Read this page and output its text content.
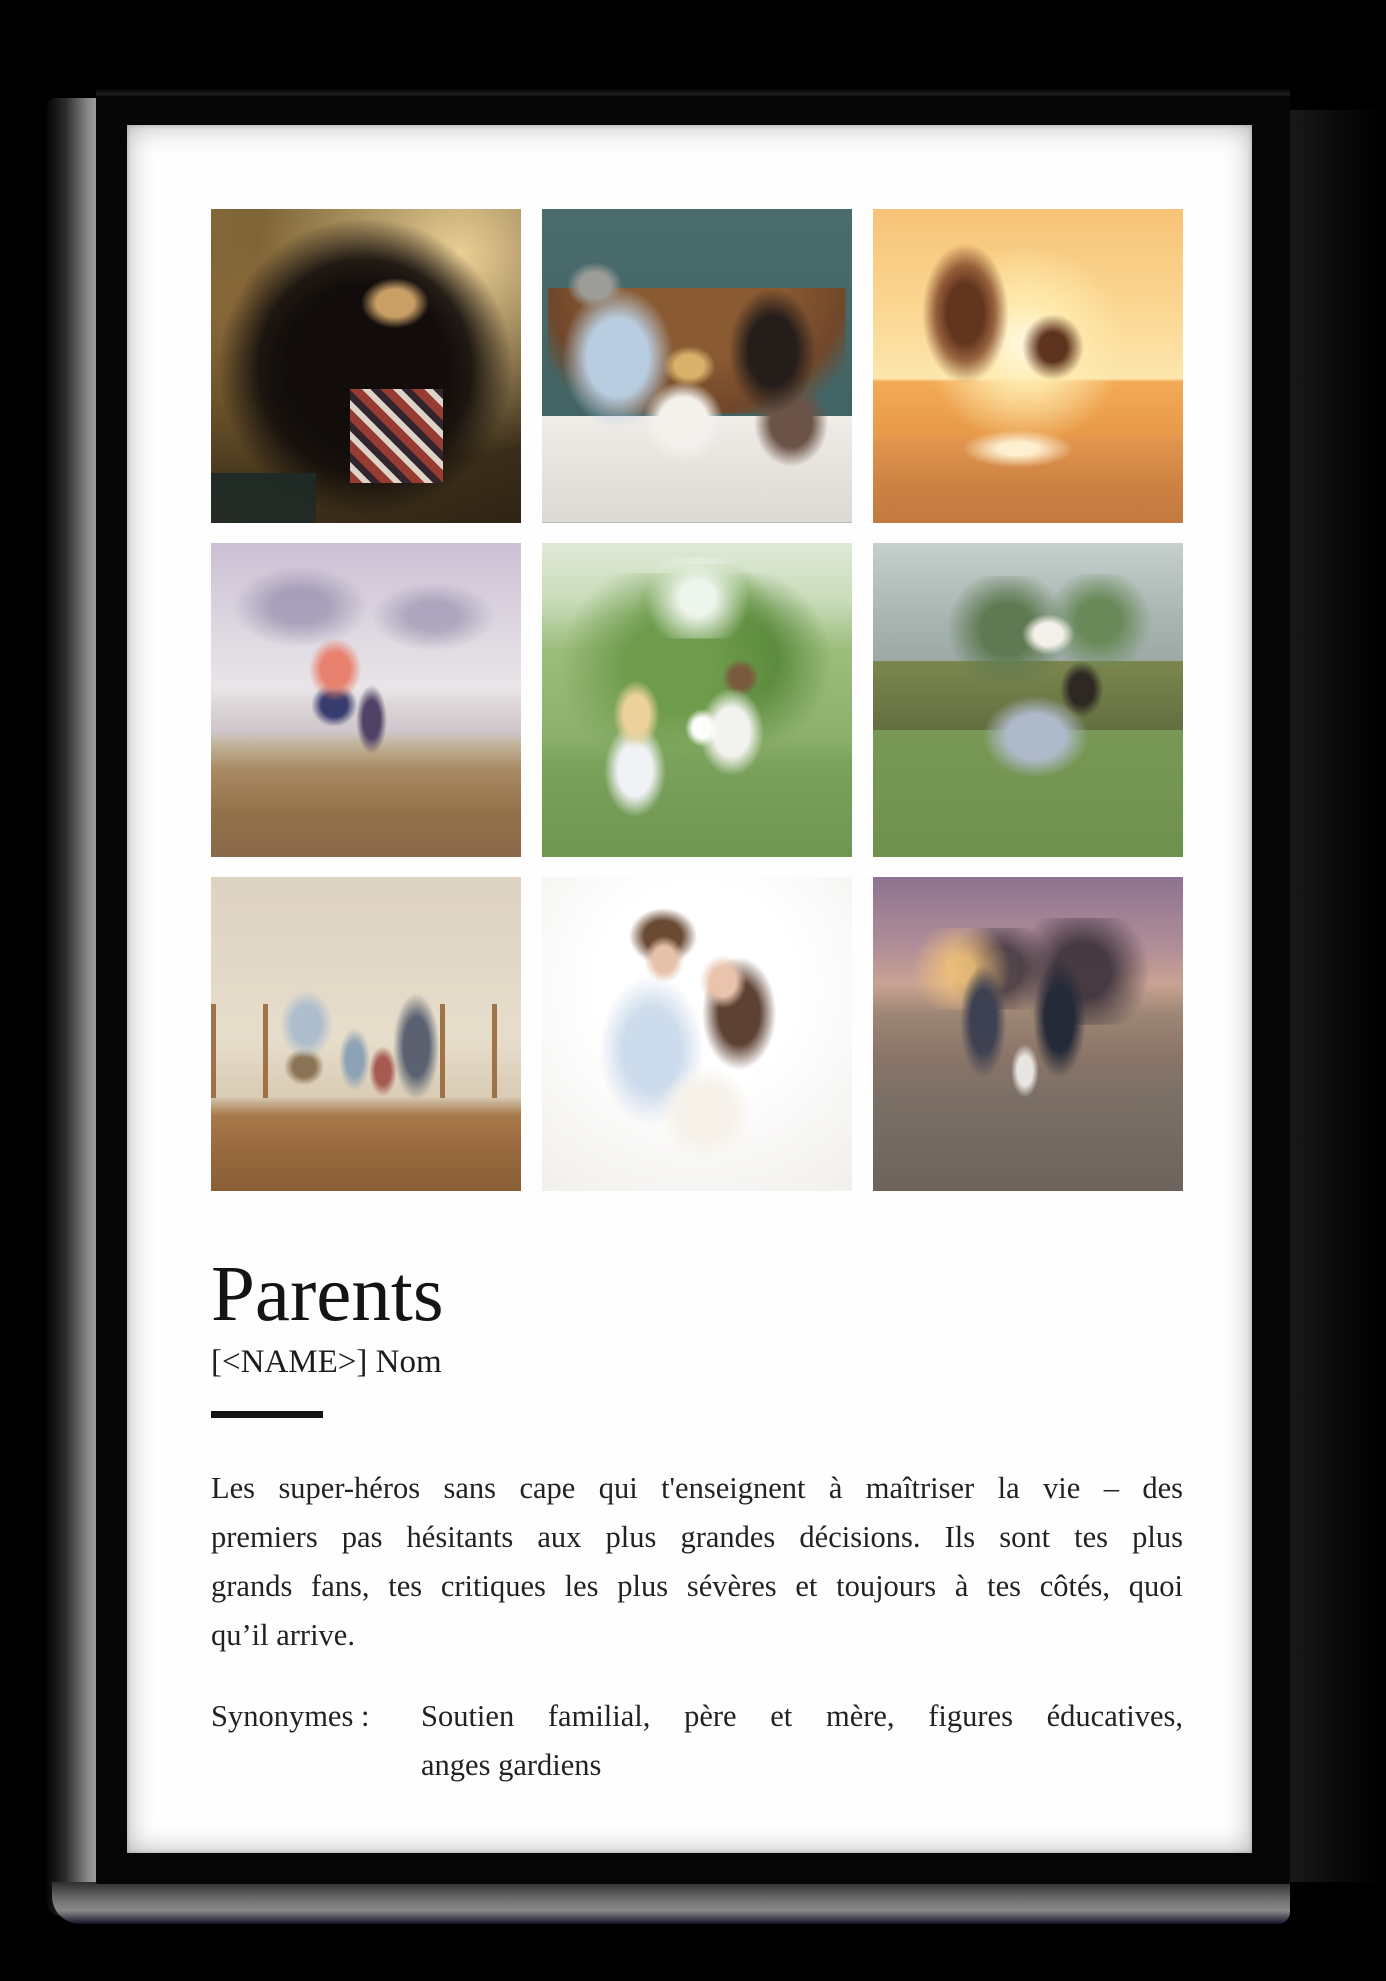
Parents
[<NAME>] Nom
Les super-héros sans cape qui t'enseignent à maîtriser la vie – des
premiers pas hésitants aux plus grandes décisions. Ils sont tes plus
grands fans, tes critiques les plus sévères et toujours à tes côtés, quoi
qu’il arrive.
Synonymes :	Soutien familial, père et mère, figures éducatives,
anges gardiens
